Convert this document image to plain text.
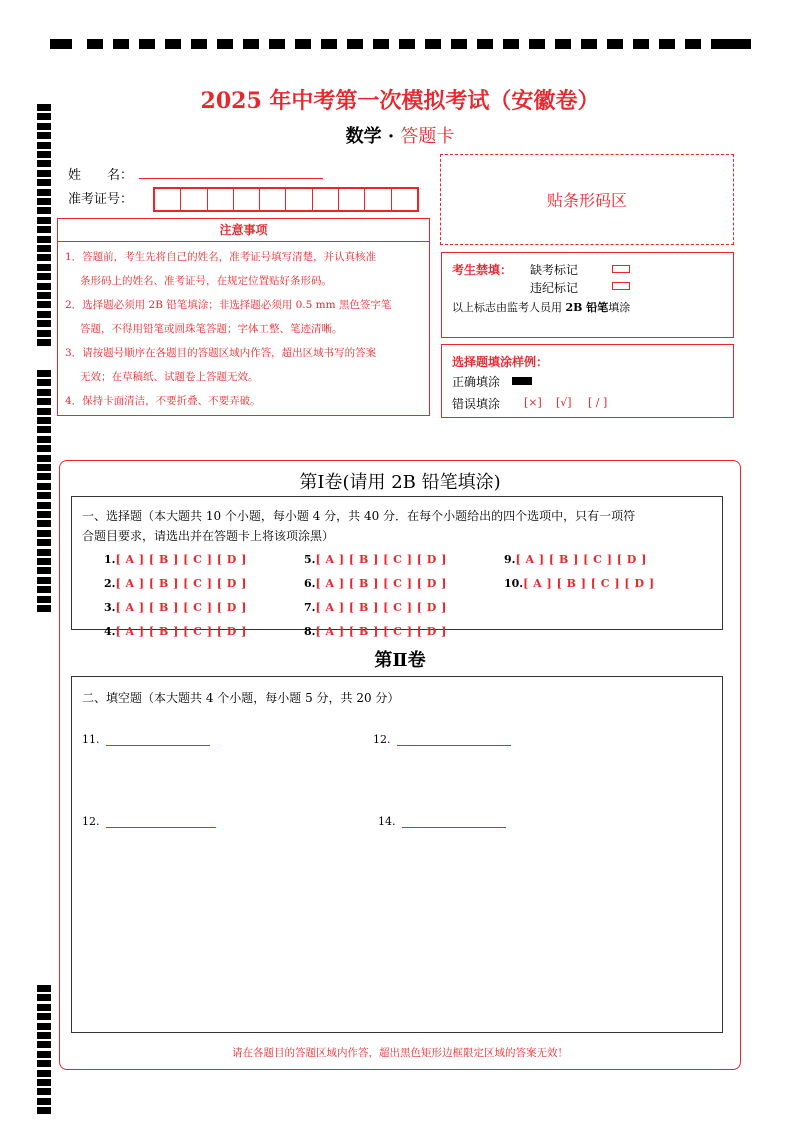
2025 年中考第一次模拟考试（安徽卷）
数学 · 答题卡
姓　　名：
准考证号：	贴条形码区
注意事项
1．答题前，考生先将自己的姓名，准考证号填写清楚，并认真核准
条形码上的姓名、准考证号，在规定位置贴好条形码。
2．选择题必须用 2B 铅笔填涂；非选择题必须用 0.5 mm 黑色签字笔
答题，不得用铅笔或圆珠笔答题；字体工整、笔迹清晰。
3．请按题号顺序在各题目的答题区域内作答，超出区域书写的答案
无效；在草稿纸、试题卷上答题无效。
4．保持卡面清洁，不要折叠、不要弄破。
考生禁填： 缺考标记
违纪标记
以上标志由监考人员用 2B 铅笔填涂
选择题填涂样例：
正确填涂
错误填涂 [×] [√] [ / ]
第Ⅰ卷(请用 2B 铅笔填涂)
一、选择题（本大题共 10 个小题，每小题 4 分，共 40 分．在每个小题给出的四个选项中，只有一项符
合题目要求，请选出并在答题卡上将该项涂黑）
1.[ A ] [ B ] [ C ] [ D ]
2.[ A ] [ B ] [ C ] [ D ]
3.[ A ] [ B ] [ C ] [ D ]
4.[ A ] [ B ] [ C ] [ D ]
5.[ A ] [ B ] [ C ] [ D ]
6.[ A ] [ B ] [ C ] [ D ]
7.[ A ] [ B ] [ C ] [ D ]
8.[ A ] [ B ] [ C ] [ D ]
9.[ A ] [ B ] [ C ] [ D ]
10.[ A ] [ B ] [ C ] [ D ]
第Ⅱ卷
二、填空题（本大题共 4 个小题，每小题 5 分，共 20 分）
11.	12.
12.	14.
请在各题目的答题区域内作答，超出黑色矩形边框限定区域的答案无效！
